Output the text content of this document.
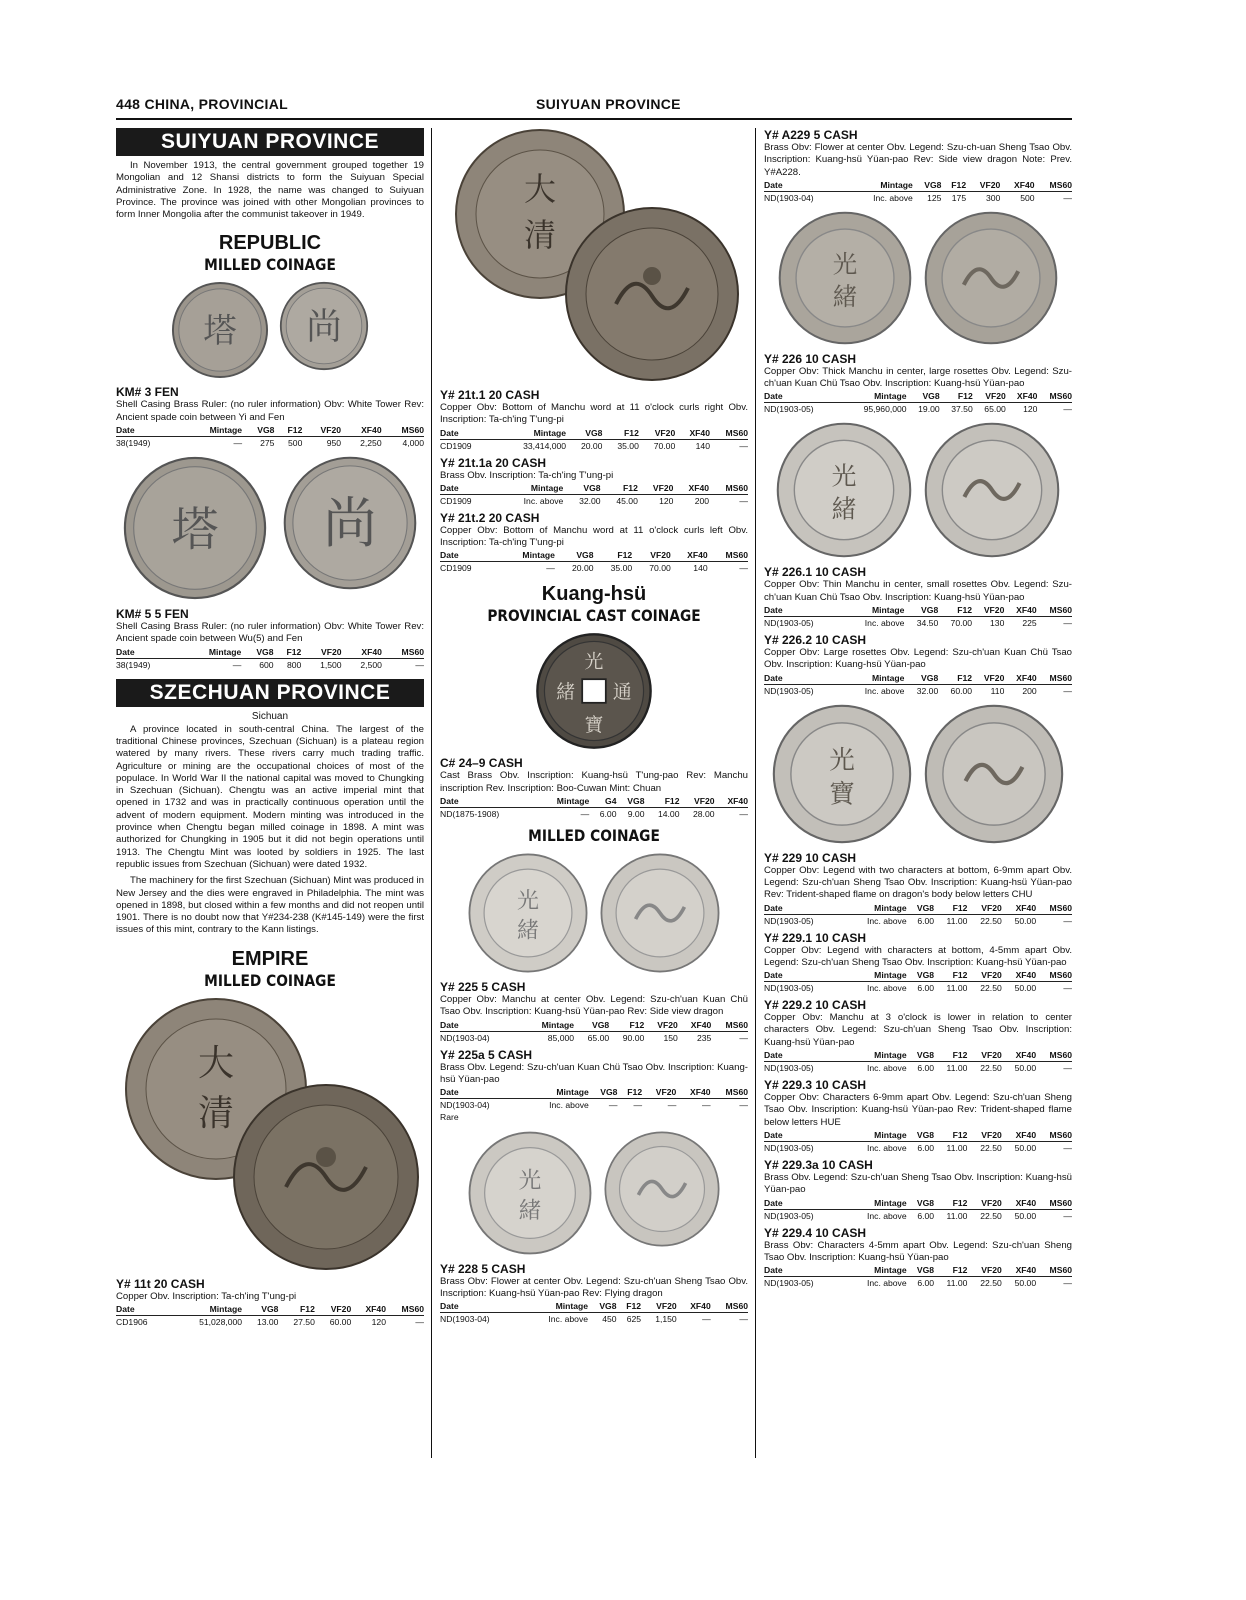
448 CHINA, PROVINCIAL	SUIYUAN PROVINCE
SUIYUAN PROVINCE

In November 1913, the central government grouped together 19 Mongolian and 12 Shansi districts to form the Suiyuan Special Administrative Zone. In 1928, the name was changed to Suiyuan Province. The province was joined with other Mongolian provinces to form Inner Mongolia after the communist takeover in 1949.

REPUBLIC
MILLED COINAGE
塔 尚
KM# 3 FEN
Shell Casing Brass Ruler: (no ruler information) Obv: White Tower Rev: Ancient spade coin between Yi and Fen
Date	Mintage	VG8	F12	VF20	XF40	MS60
38(1949)	—	275	500	950	2,250	4,000
塔	尚
KM# 5 5 FEN
Shell Casing Brass Ruler: (no ruler information) Obv: White Tower Rev: Ancient spade coin between Wu(5) and Fen
Date	Mintage	VG8	F12	VF20	XF40	MS60
38(1949)	—	600	800	1,500	2,500	—
SZECHUAN PROVINCE
Sichuan

A province located in south-central China. The largest of the traditional Chinese provinces, Szechuan (Sichuan) is a plateau region watered by many rivers. These rivers carry much trading traffic. Agriculture or mining are the occupational choices of most of the populace. In World War II the national capital was moved to Chungking in Szechuan (Sichuan). Chengtu was an active imperial mint that opened in 1732 and was in practically continuous operation until the advent of modern equipment. Modern minting was introduced in the province when Chengtu began milled coinage in 1898. A mint was authorized for Chungking in 1905 but it did not begin operations until 1913. The Chengtu Mint was looted by soldiers in 1925. The last republic issues from Szechuan (Sichuan) were dated 1932.

The machinery for the first Szechuan (Sichuan) Mint was produced in New Jersey and the dies were engraved in Philadelphia. The mint was opened in 1898, but closed within a few months and did not reopen until 1901. There is no doubt now that Y#234-238 (K#145-149) were the first issues of this mint, contrary to the Kann listings.

EMPIRE
MILLED COINAGE
大
清
Y# 11t 20 CASH
Copper Obv. Inscription: Ta-ch'ing T'ung-pi
Date	Mintage	VG8	F12	VF20	XF40	MS60
CD1906	51,028,000	13.00	27.50	60.00	120	—
大
清
Y# 21t.1 20 CASH
Copper Obv: Bottom of Manchu word at 11 o'clock curls right Obv. Inscription: Ta-ch'ing T'ung-pi
Date	Mintage	VG8	F12	VF20	XF40	MS60
CD1909	33,414,000	20.00	35.00	70.00	140	—
Y# 21t.1a 20 CASH
Brass Obv. Inscription: Ta-ch'ing T'ung-pi
Date	Mintage	VG8	F12	VF20	XF40	MS60
CD1909	Inc. above	32.00	45.00	120	200	—
Y# 21t.2 20 CASH
Copper Obv: Bottom of Manchu word at 11 o'clock curls left Obv. Inscription: Ta-ch'ing T'ung-pi
Date	Mintage	VG8	F12	VF20	XF40	MS60
CD1909	—	20.00	35.00	70.00	140	—
Kuang-hsü
PROVINCIAL CAST COINAGE
光
寶
通
緒
C# 24–9 CASH
Cast Brass Obv. Inscription: Kuang-hsü T'ung-pao Rev: Manchu inscription Rev. Inscription: Boo-Cuwan Mint: Chuan
Date	Mintage	G4	VG8	F12	VF20	XF40
ND(1875-1908)	—	6.00	9.00	14.00	28.00	—
MILLED COINAGE
光
緒
Y# 225 5 CASH
Copper Obv: Manchu at center Obv. Legend: Szu-ch'uan Kuan Chü Tsao Obv. Inscription: Kuang-hsü Yüan-pao Rev: Side view dragon
Date	Mintage	VG8	F12	VF20	XF40	MS60
ND(1903-04)	85,000	65.00	90.00	150	235	—
Y# 225a 5 CASH
Brass Obv. Legend: Szu-ch'uan Kuan Chü Tsao Obv. Inscription: Kuang-hsü Yüan-pao
Date	Mintage	VG8	F12	VF20	XF40	MS60
ND(1903-04)	Inc. above	—	—	—	—	—
Rare
光
緒
Y# 228 5 CASH
Brass Obv: Flower at center Obv. Legend: Szu-ch'uan Sheng Tsao Obv. Inscription: Kuang-hsü Yüan-pao Rev: Flying dragon
Date	Mintage	VG8	F12	VF20	XF40	MS60
ND(1903-04)	Inc. above	450	625	1,150	—	—
Y# A229 5 CASH
Brass Obv: Flower at center Obv. Legend: Szu-ch-uan Sheng Tsao Obv. Inscription: Kuang-hsü Yüan-pao Rev: Side view dragon Note: Prev. Y#A228.
Date	Mintage	VG8	F12	VF20	XF40	MS60
ND(1903-04)	Inc. above	125	175	300	500	—
光
緒
Y# 226 10 CASH
Copper Obv: Thick Manchu in center, large rosettes Obv. Legend: Szu-ch'uan Kuan Chü Tsao Obv. Inscription: Kuang-hsü Yüan-pao
Date	Mintage	VG8	F12	VF20	XF40	MS60
ND(1903-05)	95,960,000	19.00	37.50	65.00	120	—
光
緒
Y# 226.1 10 CASH
Copper Obv: Thin Manchu in center, small rosettes Obv. Legend: Szu-ch'uan Kuan Chü Tsao Obv. Inscription: Kuang-hsü Yüan-pao
Date	Mintage	VG8	F12	VF20	XF40	MS60
ND(1903-05)	Inc. above	34.50	70.00	130	225	—
Y# 226.2 10 CASH
Copper Obv: Large rosettes Obv. Legend: Szu-ch'uan Kuan Chü Tsao Obv. Inscription: Kuang-hsü Yüan-pao
Date	Mintage	VG8	F12	VF20	XF40	MS60
ND(1903-05)	Inc. above	32.00	60.00	110	200	—
光
寶
Y# 229 10 CASH
Copper Obv: Legend with two characters at bottom, 6-9mm apart Obv. Legend: Szu-ch'uan Sheng Tsao Obv. Inscription: Kuang-hsü Yüan-pao Rev: Trident-shaped flame on dragon's body below letters CHU
Date	Mintage	VG8	F12	VF20	XF40	MS60
ND(1903-05)	Inc. above	6.00	11.00	22.50	50.00	—
Y# 229.1 10 CASH
Copper Obv: Legend with characters at bottom, 4-5mm apart Obv. Legend: Szu-ch'uan Sheng Tsao Obv. Inscription: Kuang-hsü Yüan-pao
Date	Mintage	VG8	F12	VF20	XF40	MS60
ND(1903-05)	Inc. above	6.00	11.00	22.50	50.00	—
Y# 229.2 10 CASH
Copper Obv: Manchu at 3 o'clock is lower in relation to center characters Obv. Legend: Szu-ch'uan Sheng Tsao Obv. Inscription: Kuang-hsü Yüan-pao
Date	Mintage	VG8	F12	VF20	XF40	MS60
ND(1903-05)	Inc. above	6.00	11.00	22.50	50.00	—
Y# 229.3 10 CASH
Copper Obv: Characters 6-9mm apart Obv. Legend: Szu-ch'uan Sheng Tsao Obv. Inscription: Kuang-hsü Yüan-pao Rev: Trident-shaped flame below letters HUE
Date	Mintage	VG8	F12	VF20	XF40	MS60
ND(1903-05)	Inc. above	6.00	11.00	22.50	50.00	—
Y# 229.3a 10 CASH
Brass Obv. Legend: Szu-ch'uan Sheng Tsao Obv. Inscription: Kuang-hsü Yüan-pao
Date	Mintage	VG8	F12	VF20	XF40	MS60
ND(1903-05)	Inc. above	6.00	11.00	22.50	50.00	—
Y# 229.4 10 CASH
Brass Obv: Characters 4-5mm apart Obv. Legend: Szu-ch'uan Sheng Tsao Obv. Inscription: Kuang-hsü Yüan-pao
Date	Mintage	VG8	F12	VF20	XF40	MS60
ND(1903-05)	Inc. above	6.00	11.00	22.50	50.00	—
